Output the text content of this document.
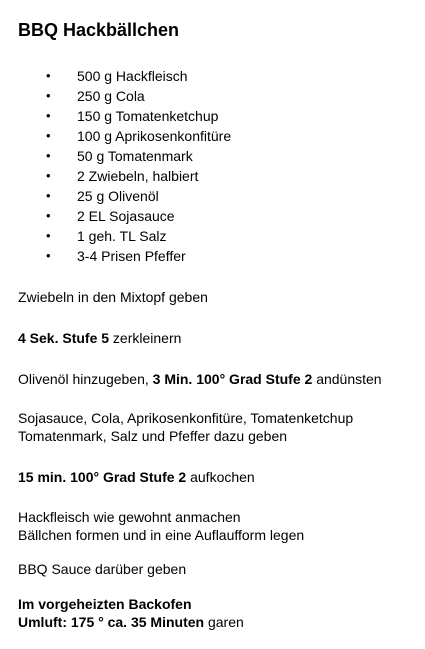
BBQ Hackbällchen
• 500 g Hackfleisch
• 250 g Cola
• 150 g Tomatenketchup
• 100 g Aprikosenkonfitüre
• 50 g Tomatenmark
• 2 Zwiebeln, halbiert
• 25 g Olivenöl
• 2 EL Sojasauce
• 1 geh. TL Salz
• 3-4 Prisen Pfeffer

Zwiebeln in den Mixtopf geben

4 Sek. Stufe 5 zerkleinern

Olivenöl hinzugeben, 3 Min. 100° Grad Stufe 2 andünsten

Sojasauce, Cola, Aprikosenkonfitüre, Tomatenketchup
Tomatenmark, Salz und Pfeffer dazu geben

15 min. 100° Grad Stufe 2 aufkochen

Hackfleisch wie gewohnt anmachen
Bällchen formen und in eine Auflaufform legen

BBQ Sauce darüber geben

Im vorgeheizten Backofen
Umluft: 175 ° ca. 35 Minuten garen
